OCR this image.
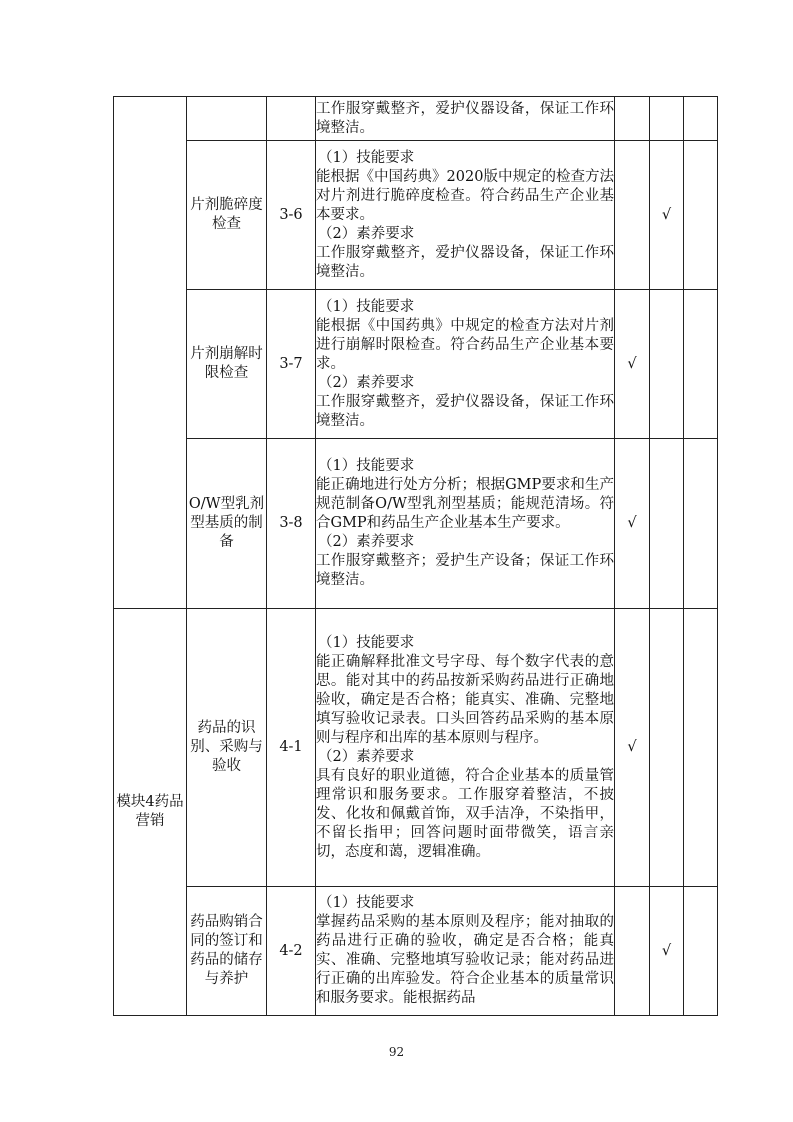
			工作服穿戴整齐，爱护仪器设备，保证工作环境整洁。			

	片剂脆碎度检查	3-6	（1）技能要求
能根据《中国药典》2020版中规定的检查方法对片剂进行脆碎度检查。符合药品生产企业基本要求。
（2）素养要求
工作服穿戴整齐，爱护仪器设备，保证工作环境整洁。		√	
	片剂崩解时限检查	3-7	（1）技能要求
能根据《中国药典》中规定的检查方法对片剂进行崩解时限检查。符合药品生产企业基本要求。
（2）素养要求
工作服穿戴整齐，爱护仪器设备，保证工作环境整洁。	√		
	O/W型乳剂型基质的制备	3-8	（1）技能要求
能正确地进行处方分析；根据GMP要求和生产规范制备O/W型乳剂型基质；能规范清场。符合GMP和药品生产企业基本生产要求。
（2）素养要求
工作服穿戴整齐；爱护生产设备；保证工作环境整洁。	√		
模块4药品营销	药品的识别、采购与验收	4-1	（1）技能要求
能正确解释批准文号字母、每个数字代表的意思。能对其中的药品按新采购药品进行正确地验收，确定是否合格；能真实、准确、完整地填写验收记录表。口头回答药品采购的基本原则与程序和出库的基本原则与程序。
（2）素养要求
具有良好的职业道德，符合企业基本的质量管理常识和服务要求。工作服穿着整洁，不披发、化妆和佩戴首饰，双手洁净，不染指甲，不留长指甲；回答问题时面带微笑，语言亲切，态度和蔼，逻辑准确。	√		
	药品购销合同的签订和药品的储存与养护	4-2	（1）技能要求
掌握药品采购的基本原则及程序；能对抽取的药品进行正确的验收，确定是否合格；能真实、准确、完整地填写验收记录；能对药品进行正确的出库验发。符合企业基本的质量常识和服务要求。能根据药品		√	
92
